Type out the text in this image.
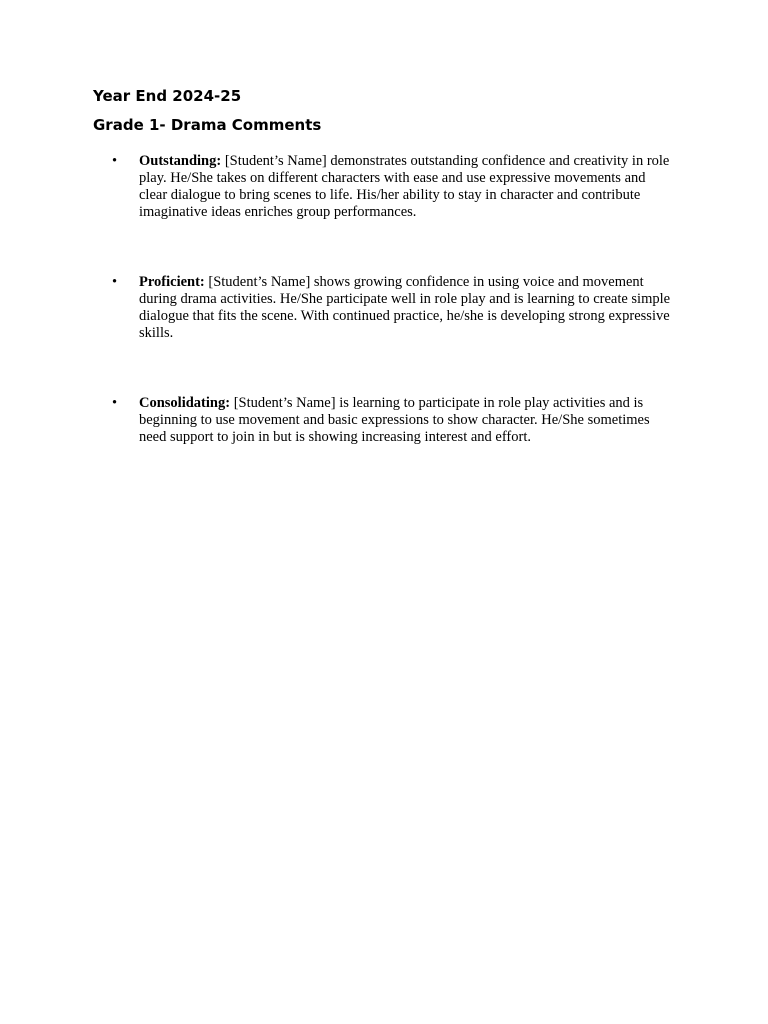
Year End 2024-25
Grade 1- Drama Comments
•	Outstanding: [Student’s Name] demonstrates outstanding confidence and creativity in role play. He/She takes on different characters with ease and use expressive movements and clear dialogue to bring scenes to life. His/her ability to stay in character and contribute imaginative ideas enriches group performances.
•	Proficient: [Student’s Name] shows growing confidence in using voice and movement during drama activities. He/She participate well in role play and is learning to create simple dialogue that fits the scene. With continued practice, he/she is developing strong expressive skills.
•	Consolidating: [Student’s Name] is learning to participate in role play activities and is beginning to use movement and basic expressions to show character. He/She sometimes need support to join in but is showing increasing interest and effort.
